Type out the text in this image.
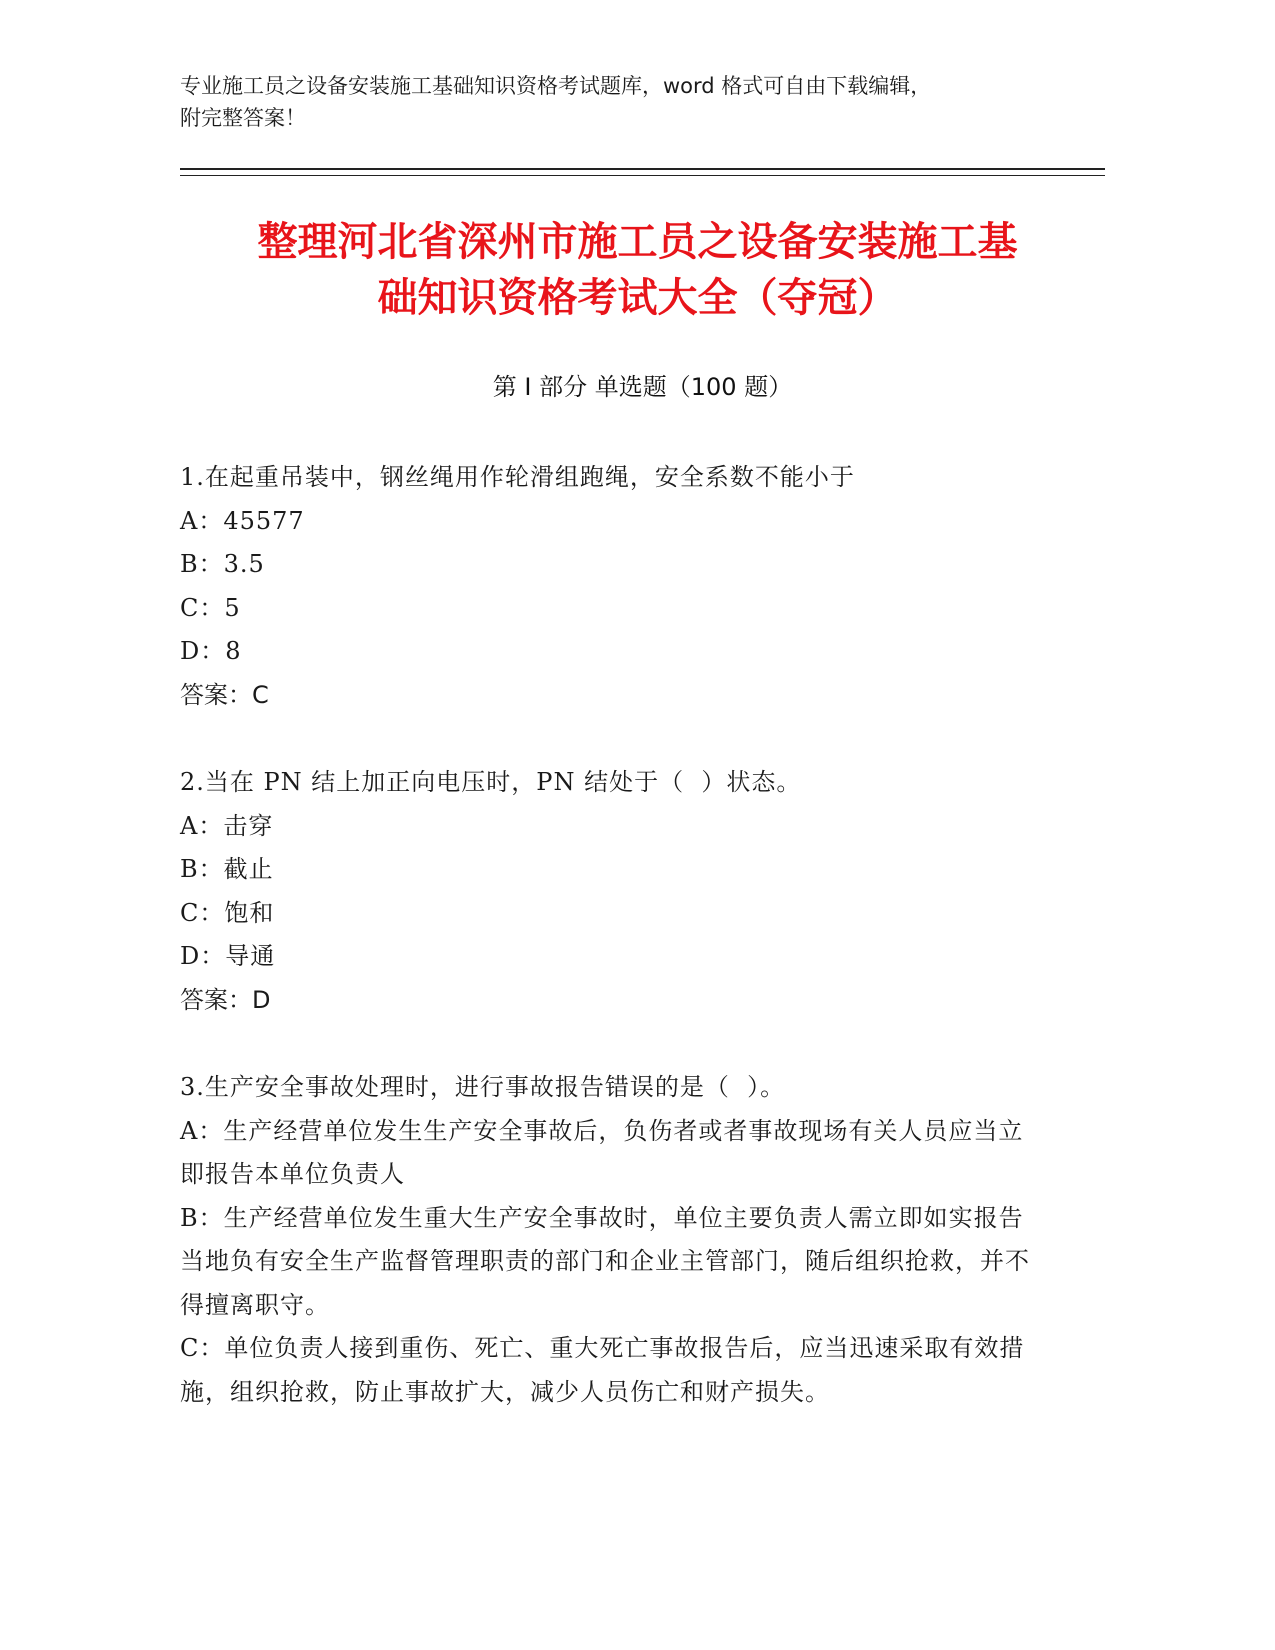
专业施工员之设备安装施工基础知识资格考试题库，word 格式可自由下载编辑，

附完整答案！

整理河北省深州市施工员之设备安装施工基
础知识资格考试大全（夺冠）
第 I 部分 单选题（100 题）
1.在起重吊装中，钢丝绳用作轮滑组跑绳，安全系数不能小于
A：45577
B：3.5
C：5
D：8
答案：C
2.当在 PN 结上加正向电压时，PN 结处于（  ）状态。
A：击穿
B：截止
C：饱和
D：导通
答案：D
3.生产安全事故处理时，进行事故报告错误的是（  ）。
A：生产经营单位发生生产安全事故后，负伤者或者事故现场有关人员应当立即报告本单位负责人
B：生产经营单位发生重大生产安全事故时，单位主要负责人需立即如实报告当地负有安全生产监督管理职责的部门和企业主管部门，随后组织抢救，并不得擅离职守。
C：单位负责人接到重伤、死亡、重大死亡事故报告后，应当迅速采取有效措施，组织抢救，防止事故扩大，减少人员伤亡和财产损失。
